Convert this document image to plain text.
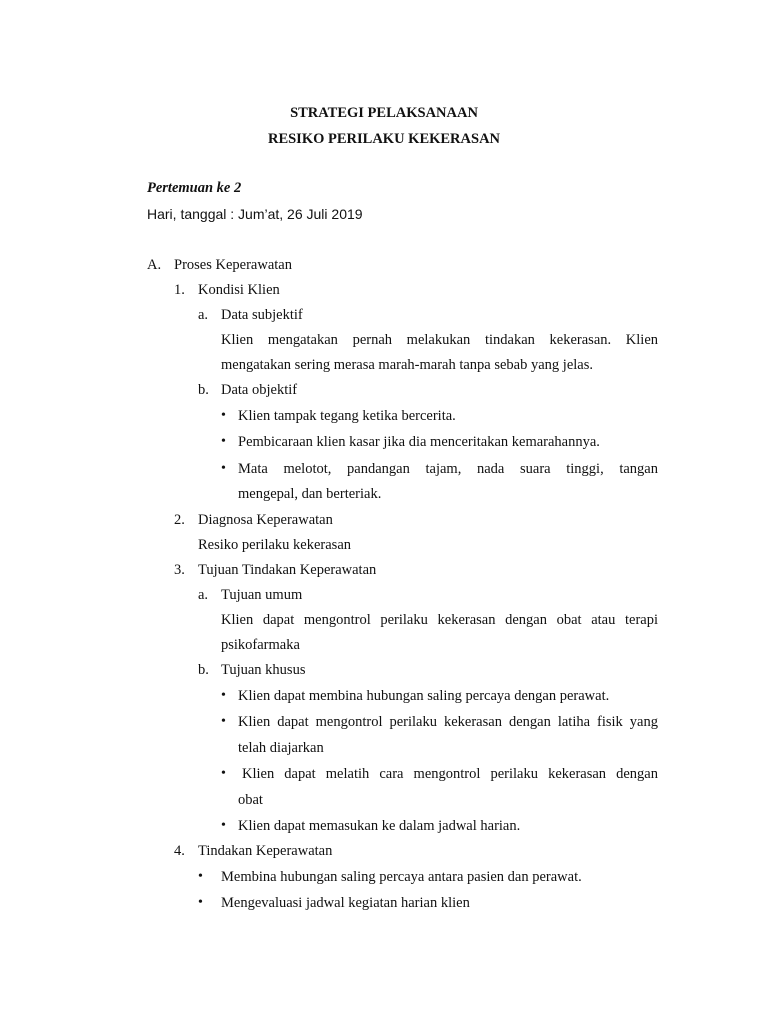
STRATEGI PELAKSANAAN
RESIKO PERILAKU KEKERASAN
Pertemuan ke 2
Hari, tanggal : Jum’at, 26 Juli 2019
A. Proses Keperawatan
1. Kondisi Klien
a. Data subjektif
Klien mengatakan pernah melakukan tindakan kekerasan. Klien
mengatakan sering merasa marah-marah tanpa sebab yang jelas.
b. Data objektif
• Klien tampak tegang ketika bercerita.
• Pembicaraan klien kasar jika dia menceritakan kemarahannya.
• Mata melotot, pandangan tajam, nada suara tinggi, tangan
mengepal, dan berteriak.
2. Diagnosa Keperawatan
Resiko perilaku kekerasan
3. Tujuan Tindakan Keperawatan
a. Tujuan umum
Klien dapat mengontrol perilaku kekerasan dengan obat atau terapi
psikofarmaka
b. Tujuan khusus
• Klien dapat membina hubungan saling percaya dengan perawat.
• Klien dapat mengontrol perilaku kekerasan dengan latiha fisik yang
telah diajarkan
• Klien dapat melatih cara mengontrol perilaku kekerasan dengan
obat
• Klien dapat memasukan ke dalam jadwal harian.
4. Tindakan Keperawatan
• Membina hubungan saling percaya antara pasien dan perawat.
• Mengevaluasi jadwal kegiatan harian klien
